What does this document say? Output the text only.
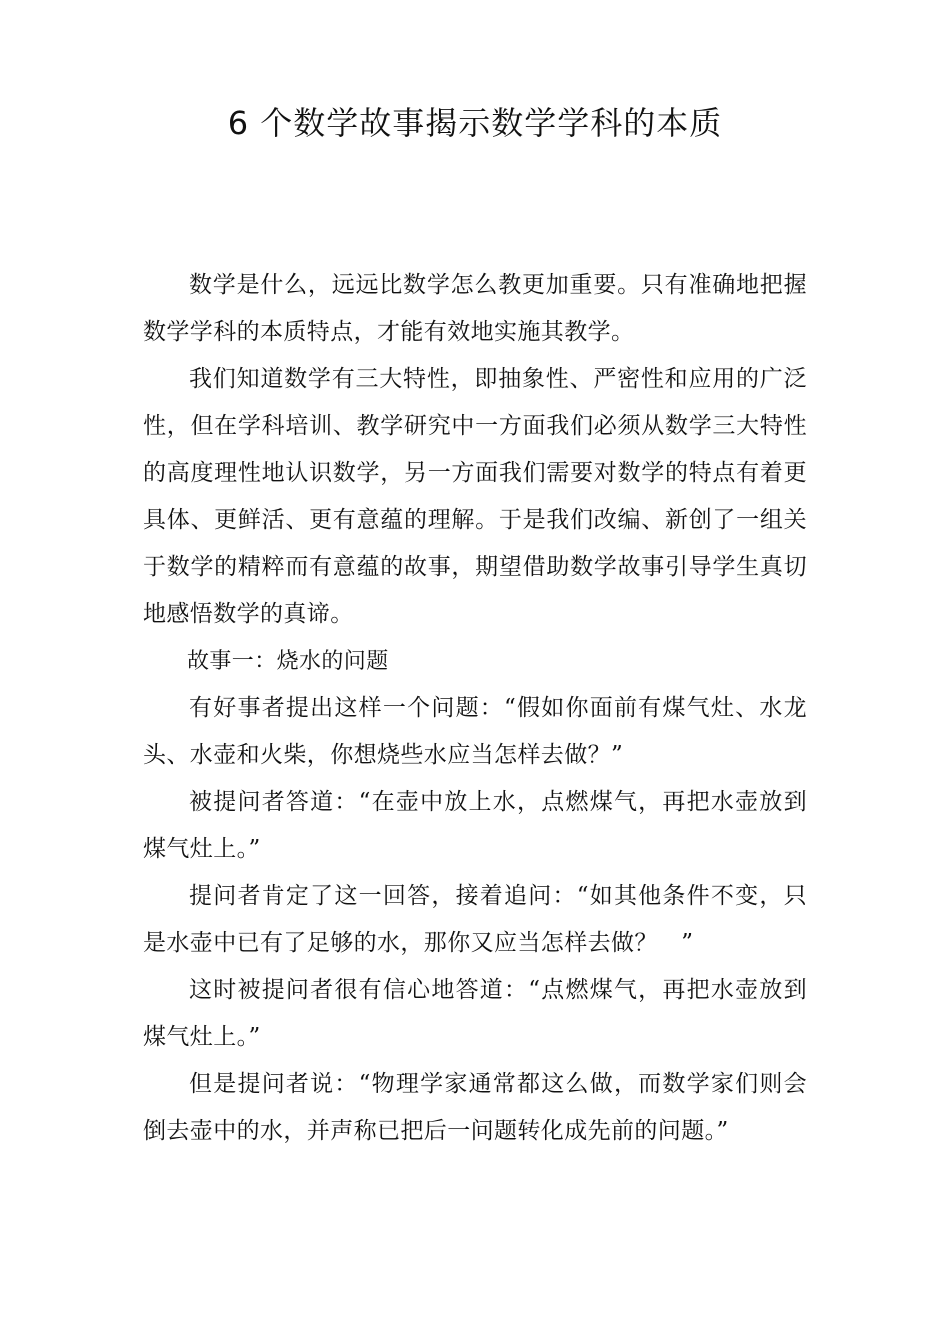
6 个数学故事揭示数学学科的本质

数学是什么，远远比数学怎么教更加重要。只有准确地把握数学学科的本质特点，才能有效地实施其教学。

我们知道数学有三大特性，即抽象性、严密性和应用的广泛性，但在学科培训、教学研究中一方面我们必须从数学三大特性的高度理性地认识数学，另一方面我们需要对数学的特点有着更具体、更鲜活、更有意蕴的理解。于是我们改编、新创了一组关于数学的精粹而有意蕴的故事，期望借助数学故事引导学生真切地感悟数学的真谛。

故事一：烧水的问题

有好事者提出这样一个问题：“假如你面前有煤气灶、水龙头、水壶和火柴，你想烧些水应当怎样去做？”

被提问者答道：“在壶中放上水，点燃煤气，再把水壶放到煤气灶上。”

提问者肯定了这一回答，接着追问：“如其他条件不变，只是水壶中已有了足够的水，那你又应当怎样去做？　”

这时被提问者很有信心地答道：“点燃煤气，再把水壶放到煤气灶上。”

但是提问者说：“物理学家通常都这么做，而数学家们则会倒去壶中的水，并声称已把后一问题转化成先前的问题。”
